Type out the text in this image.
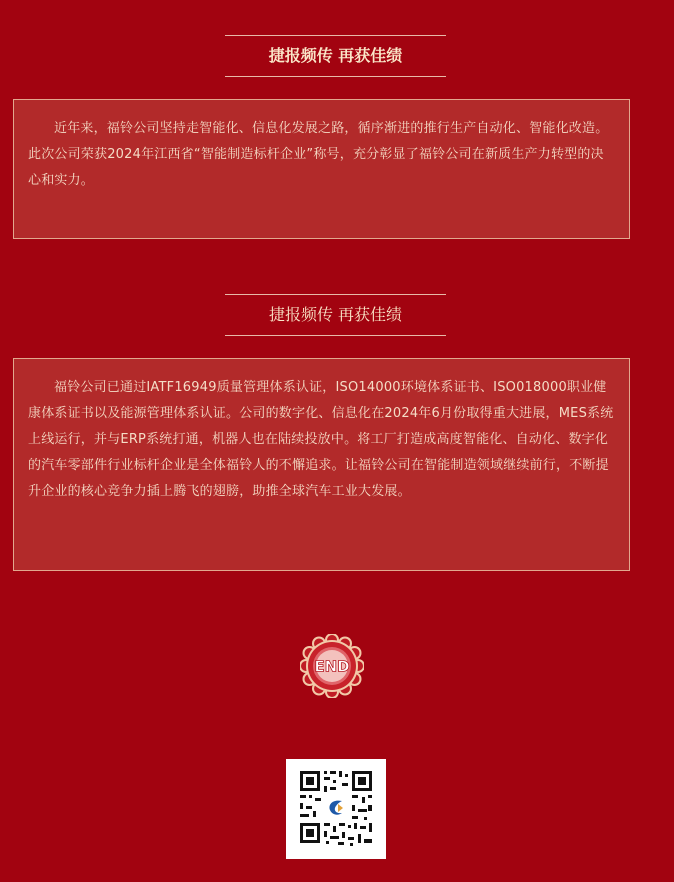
捷报频传 再获佳绩
近年来，福铃公司坚持走智能化、信息化发展之路，循序渐进的推行生产自动化、智能化改造。此次公司荣获2024年江西省“智能制造标杆企业”称号，充分彰显了福铃公司在新质生产力转型的决心和实力。
捷报频传 再获佳绩
福铃公司已通过IATF16949质量管理体系认证，ISO14000环境体系证书、ISO018000职业健康体系证书以及能源管理体系认证。公司的数字化、信息化在2024年6月份取得重大进展，MES系统上线运行，并与ERP系统打通，机器人也在陆续投放中。将工厂打造成高度智能化、自动化、数字化的汽车零部件行业标杆企业是全体福铃人的不懈追求。让福铃公司在智能制造领域继续前行，不断提升企业的核心竞争力插上腾飞的翅膀，助推全球汽车工业大发展。
END
